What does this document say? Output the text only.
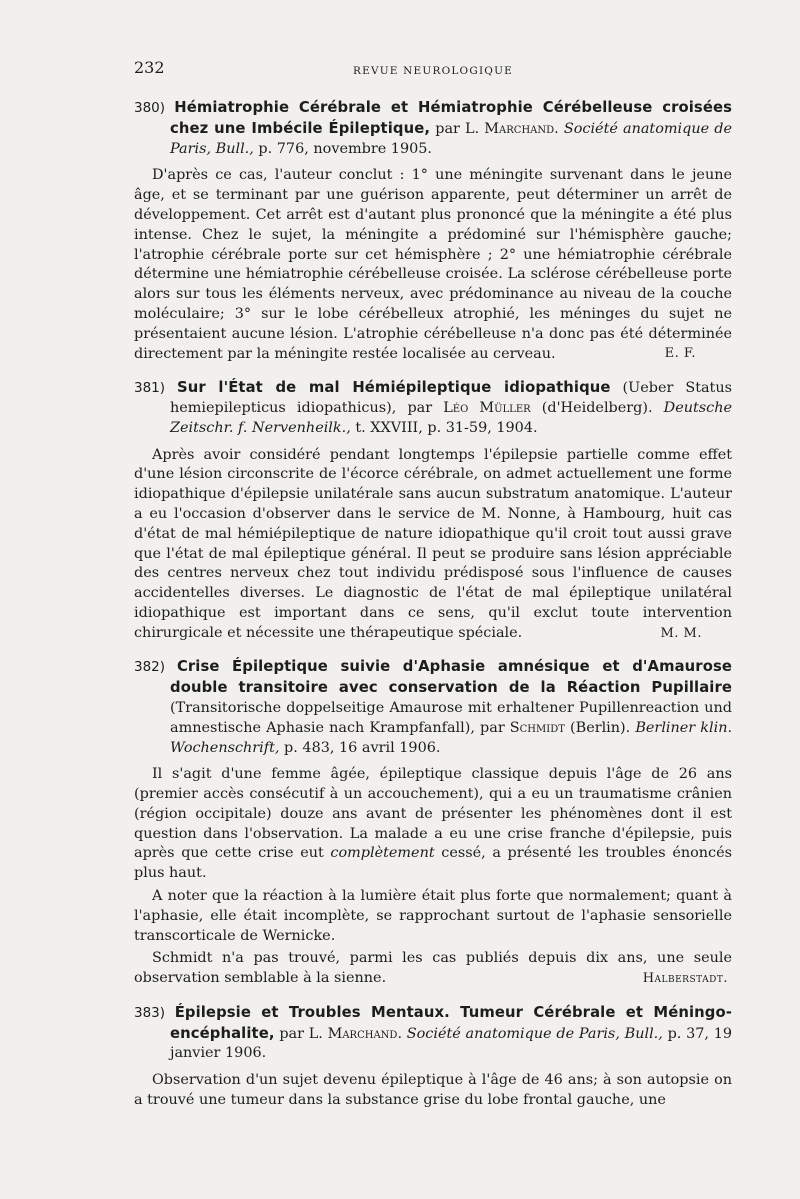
232	REVUE NEUROLOGIQUE

380) Hémiatrophie Cérébrale et Hémiatrophie Cérébelleuse croisées chez une Imbécile Épileptique, par L. Marchand. Société anatomique de Paris, Bull., p. 776, novembre 1905.

D'après ce cas, l'auteur conclut : 1° une méningite survenant dans le jeune âge, et se terminant par une guérison apparente, peut déterminer un arrêt de développement. Cet arrêt est d'autant plus prononcé que la méningite a été plus intense. Chez le sujet, la méningite a prédominé sur l'hémisphère gauche; l'atrophie cérébrale porte sur cet hémisphère ; 2° une hémiatrophie cérébrale détermine une hémiatrophie cérébelleuse croisée. La sclérose cérébelleuse porte alors sur tous les éléments nerveux, avec prédominance au niveau de la couche moléculaire; 3° sur le lobe cérébelleux atrophié, les méninges du sujet ne présentaient aucune lésion. L'atrophie cérébelleuse n'a donc pas été déterminée directement par la méningite restée localisée au cerveau.	E. F.

381) Sur l'État de mal Hémiépileptique idiopathique (Ueber Status hemiepilepticus idiopathicus), par Léo Müller (d'Heidelberg). Deutsche Zeitschr. f. Nervenheilk., t. XXVIII, p. 31-59, 1904.

Après avoir considéré pendant longtemps l'épilepsie partielle comme effet d'une lésion circonscrite de l'écorce cérébrale, on admet actuellement une forme idiopathique d'épilepsie unilatérale sans aucun substratum anatomique. L'auteur a eu l'occasion d'observer dans le service de M. Nonne, à Hambourg, huit cas d'état de mal hémiépileptique de nature idiopathique qu'il croit tout aussi grave que l'état de mal épileptique général. Il peut se produire sans lésion appréciable des centres nerveux chez tout individu prédisposé sous l'influence de causes accidentelles diverses. Le diagnostic de l'état de mal épileptique unilatéral idiopathique est important dans ce sens, qu'il exclut toute intervention chirurgicale et nécessite une thérapeutique spéciale.	M. M.

382) Crise Épileptique suivie d'Aphasie amnésique et d'Amaurose double transitoire avec conservation de la Réaction Pupillaire (Transitorische doppelseitige Amaurose mit erhaltener Pupillenreaction und amnestische Aphasie nach Krampfanfall), par Schmidt (Berlin). Berliner klin. Wochenschrift, p. 483, 16 avril 1906.

Il s'agit d'une femme âgée, épileptique classique depuis l'âge de 26 ans (premier accès consécutif à un accouchement), qui a eu un traumatisme crânien (région occipitale) douze ans avant de présenter les phénomènes dont il est question dans l'observation. La malade a eu une crise franche d'épilepsie, puis après que cette crise eut complètement cessé, a présenté les troubles énoncés plus haut.

A noter que la réaction à la lumière était plus forte que normalement; quant à l'aphasie, elle était incomplète, se rapprochant surtout de l'aphasie sensorielle transcorticale de Wernicke.

Schmidt n'a pas trouvé, parmi les cas publiés depuis dix ans, une seule observation semblable à la sienne.	Halberstadt.

383) Épilepsie et Troubles Mentaux. Tumeur Cérébrale et Méningo-encéphalite, par L. Marchand. Société anatomique de Paris, Bull., p. 37, 19 janvier 1906.

Observation d'un sujet devenu épileptique à l'âge de 46 ans; à son autopsie on a trouvé une tumeur dans la substance grise du lobe frontal gauche, une
